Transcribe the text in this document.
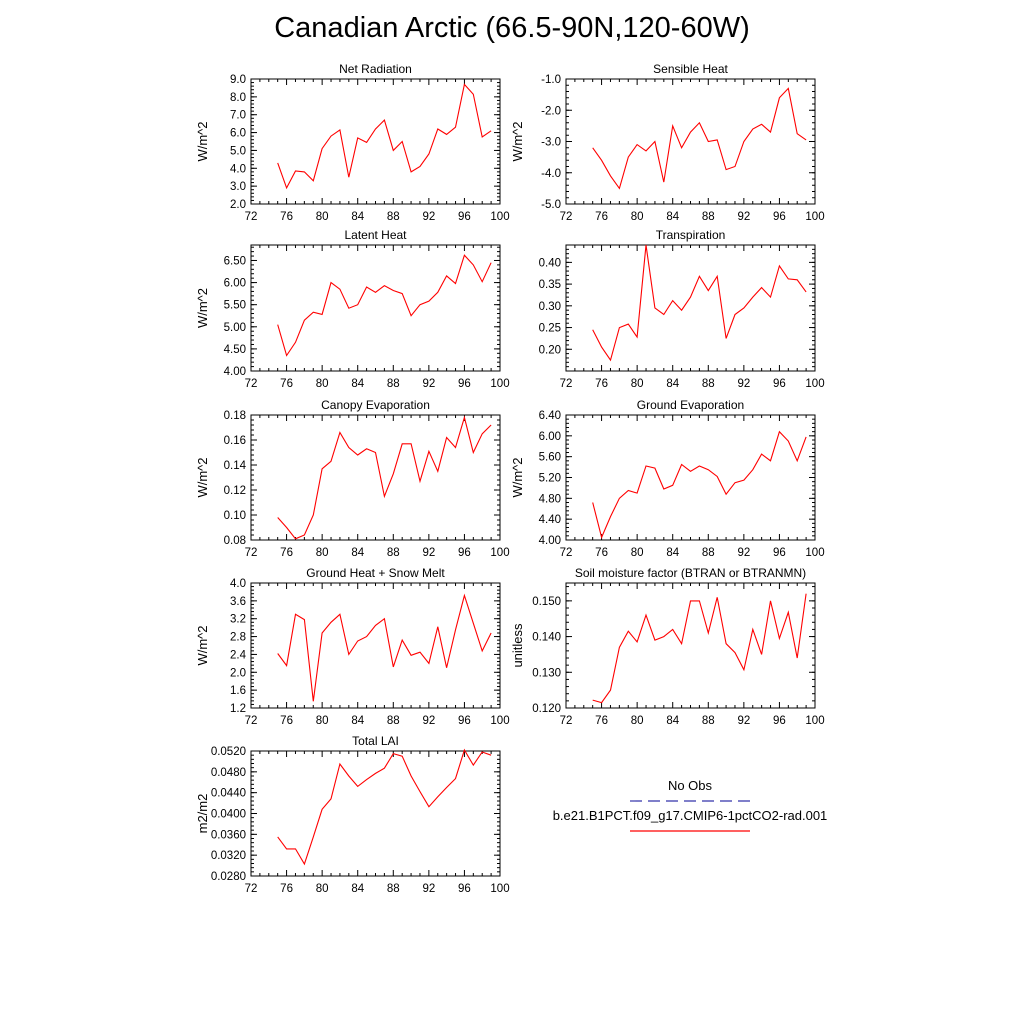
Canadian Arctic (66.5-90N,120-60W)
Net Radiation
72 76 80 84 88 92 96 100
2.0
3.0
4.0
5.0
6.0
7.0
8.0
9.0
W/m^2
Sensible Heat
72 76 80 84 88 92 96 100
-5.0
-4.0
-3.0
-2.0
-1.0
W/m^2
Latent Heat
72 76 80 84 88 92 96 100
4.00
4.50
5.00
5.50
6.00
6.50
W/m^2
Transpiration
72 76 80 84 88 92 96 100
0.20
0.25
0.30
0.35
0.40
Canopy Evaporation
72 76 80 84 88 92 96 100
0.08
0.10
0.12
0.14
0.16
0.18
W/m^2
Ground Evaporation
72 76 80 84 88 92 96 100
4.00
4.40
4.80
5.20
5.60
6.00
6.40
W/m^2
Ground Heat + Snow Melt
72 76 80 84 88 92 96 100
1.2
1.6
2.0
2.4
2.8
3.2
3.6
4.0
W/m^2
Soil moisture factor (BTRAN or BTRANMN)
72 76 80 84 88 92 96 100
0.120
0.130
0.140
0.150
unitless
Total LAI
72 76 80 84 88 92 96 100
0.0280
0.0320
0.0360
0.0400
0.0440
0.0480
0.0520
m2/m2
No Obs
b.e21.B1PCT.f09_g17.CMIP6-1pctCO2-rad.001
